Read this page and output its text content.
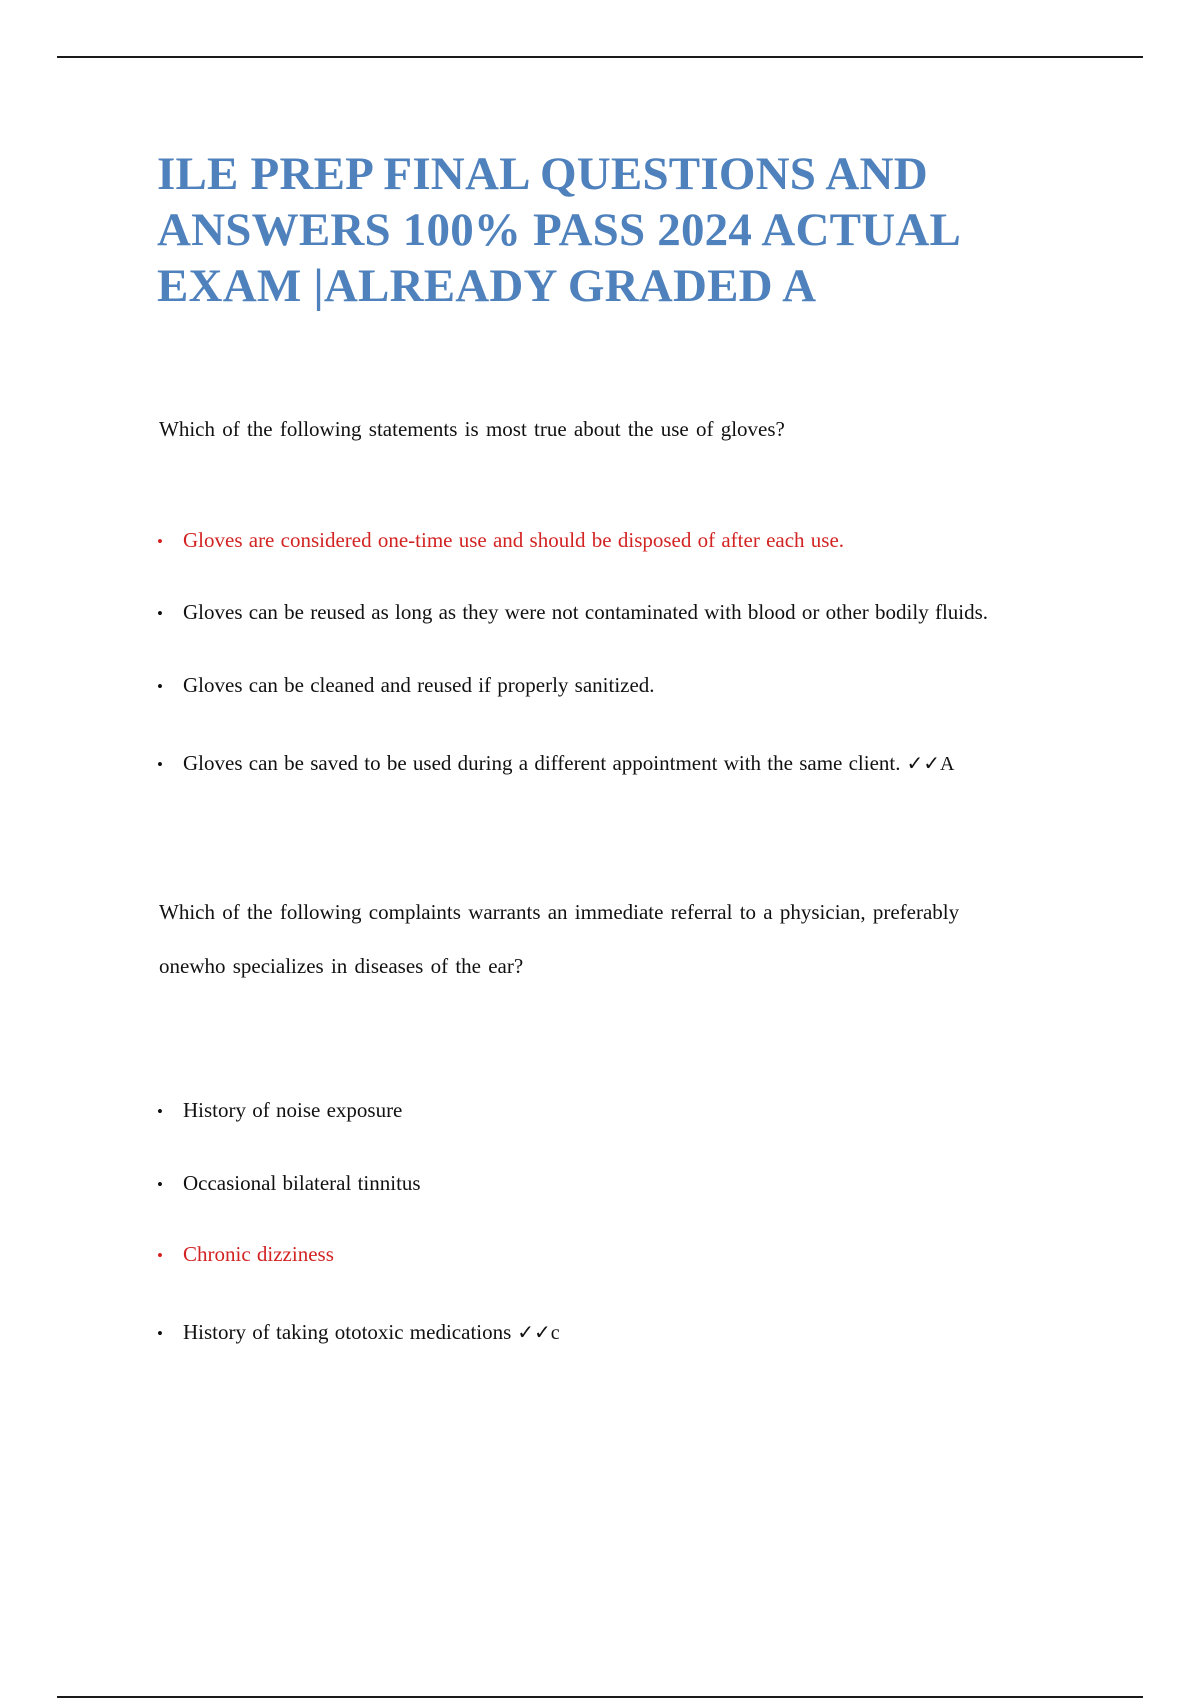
ILE PREP FINAL QUESTIONS AND
ANSWERS 100% PASS 2024 ACTUAL
EXAM |ALREADY GRADED A

Which of the following statements is most true about the use of gloves?

• Gloves are considered one-time use and should be disposed of after each use.
• Gloves can be reused as long as they were not contaminated with blood or other bodily fluids.
• Gloves can be cleaned and reused if properly sanitized.
• Gloves can be saved to be used during a different appointment with the same client. ✓✓A

Which of the following complaints warrants an immediate referral to a physician, preferably
onewho specializes in diseases of the ear?

• History of noise exposure
• Occasional bilateral tinnitus
• Chronic dizziness
• History of taking ototoxic medications ✓✓c
